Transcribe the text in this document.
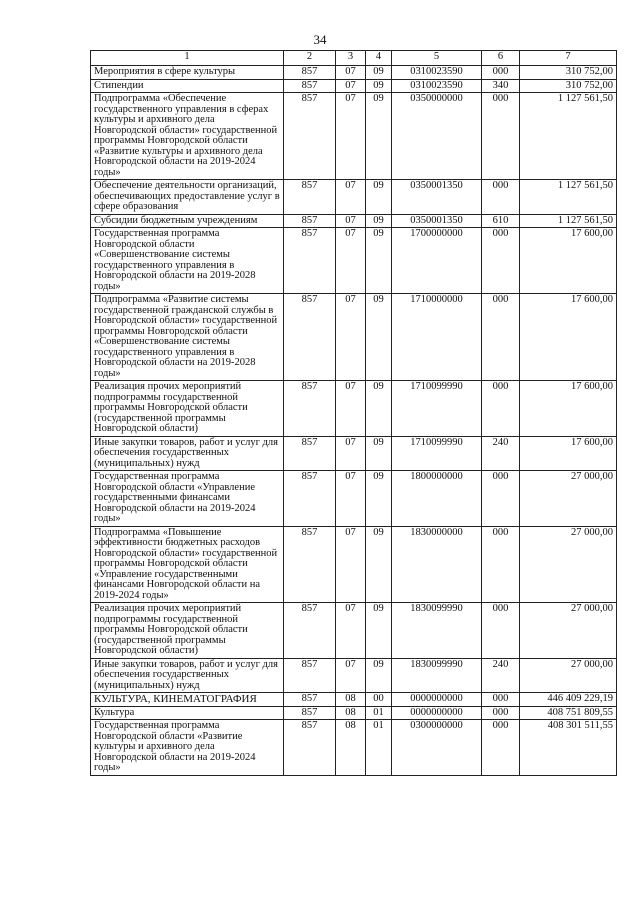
34
1	2	3	4	5	6	7
Мероприятия в сфере культуры	857	07	09	0310023590	000	310 752,00
Стипендии	857	07	09	0310023590	340	310 752,00
Подпрограмма «Обеспечение государственного управления в сферах культуры и архивного дела Новгородской области» государственной программы Новгородской области «Развитие культуры и архивного дела Новгородской области на 2019-2024 годы»	857	07	09	0350000000	000	1 127 561,50
Обеспечение деятельности организаций, обеспечивающих предоставление услуг в сфере образования	857	07	09	0350001350	000	1 127 561,50
Субсидии бюджетным учреждениям	857	07	09	0350001350	610	1 127 561,50
Государственная программа Новгородской области «Совершенствование системы государственного управления в Новгородской области на 2019-2028 годы»	857	07	09	1700000000	000	17 600,00
Подпрограмма «Развитие системы государственной гражданской службы в Новгородской области» государственной программы Новгородской области «Совершенствование системы государственного управления в Новгородской области на 2019-2028 годы»	857	07	09	1710000000	000	17 600,00
Реализация прочих мероприятий подпрограммы государственной программы Новгородской области (государственной программы Новгородской области)	857	07	09	1710099990	000	17 600,00
Иные закупки товаров, работ и услуг для обеспечения государственных (муниципальных) нужд	857	07	09	1710099990	240	17 600,00
Государственная программа Новгородской области «Управление государственными финансами Новгородской области на 2019-2024 годы»	857	07	09	1800000000	000	27 000,00
Подпрограмма «Повышение эффективности бюджетных расходов Новгородской области» государственной программы Новгородской области «Управление государственными финансами Новгородской области на 2019-2024 годы»	857	07	09	1830000000	000	27 000,00
Реализация прочих мероприятий подпрограммы государственной программы Новгородской области (государственной программы Новгородской области)	857	07	09	1830099990	000	27 000,00
Иные закупки товаров, работ и услуг для обеспечения государственных (муниципальных) нужд	857	07	09	1830099990	240	27 000,00
КУЛЬТУРА, КИНЕМАТОГРАФИЯ	857	08	00	0000000000	000	446 409 229,19
Культура	857	08	01	0000000000	000	408 751 809,55
Государственная программа Новгородской области «Развитие культуры и архивного дела Новгородской области на 2019-2024 годы»	857	08	01	0300000000	000	408 301 511,55
